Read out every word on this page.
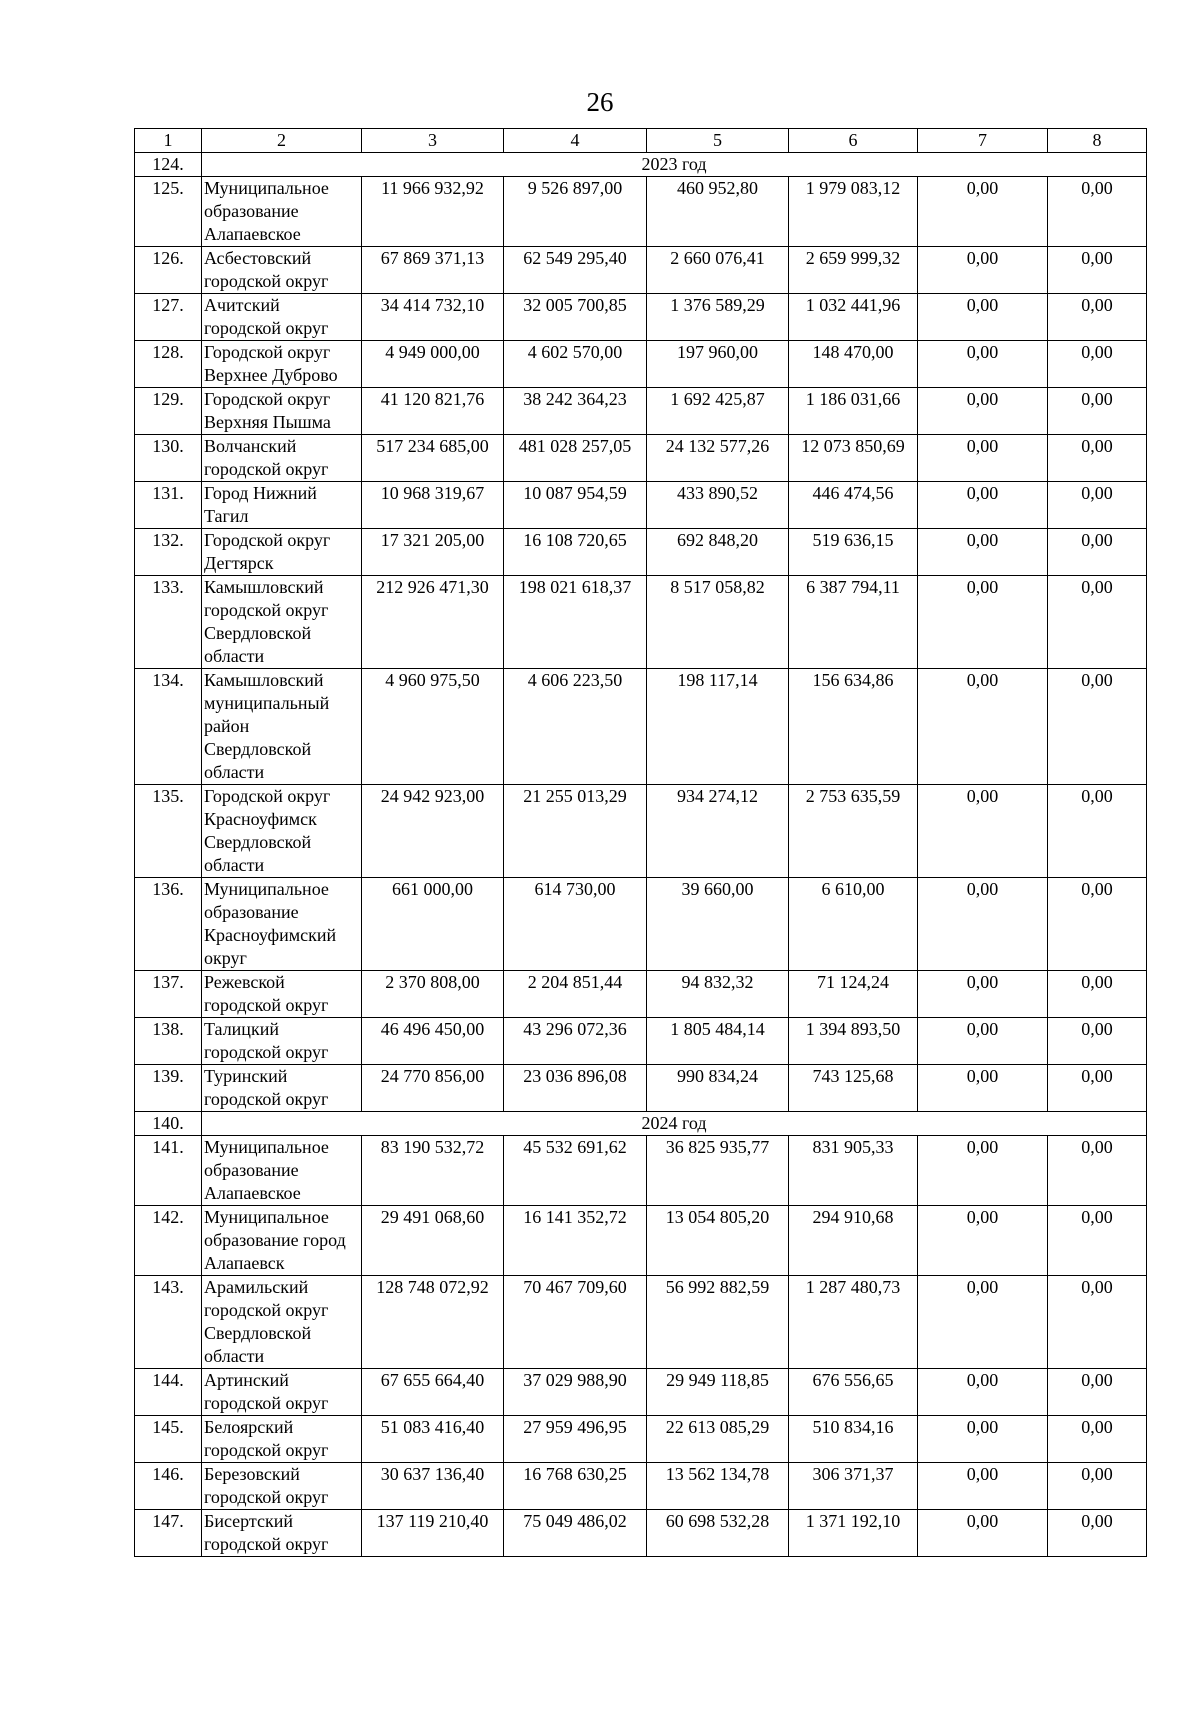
26
1	2	3	4	5	6	7	8
124.	2023 год						
125.	Муниципальное образование Алапаевское	11 966 932,92	9 526 897,00	460 952,80	1 979 083,12	0,00	0,00
126.	Асбестовский городской округ	67 869 371,13	62 549 295,40	2 660 076,41	2 659 999,32	0,00	0,00
127.	Ачитский городской округ	34 414 732,10	32 005 700,85	1 376 589,29	1 032 441,96	0,00	0,00
128.	Городской округ Верхнее Дуброво	4 949 000,00	4 602 570,00	197 960,00	148 470,00	0,00	0,00
129.	Городской округ Верхняя Пышма	41 120 821,76	38 242 364,23	1 692 425,87	1 186 031,66	0,00	0,00
130.	Волчанский городской округ	517 234 685,00	481 028 257,05	24 132 577,26	12 073 850,69	0,00	0,00
131.	Город Нижний Тагил	10 968 319,67	10 087 954,59	433 890,52	446 474,56	0,00	0,00
132.	Городской округ Дегтярск	17 321 205,00	16 108 720,65	692 848,20	519 636,15	0,00	0,00
133.	Камышловский городской округ Свердловской области	212 926 471,30	198 021 618,37	8 517 058,82	6 387 794,11	0,00	0,00
134.	Камышловский муниципальный район Свердловской области	4 960 975,50	4 606 223,50	198 117,14	156 634,86	0,00	0,00
135.	Городской округ Красноуфимск Свердловской области	24 942 923,00	21 255 013,29	934 274,12	2 753 635,59	0,00	0,00
136.	Муниципальное образование Красноуфимский округ	661 000,00	614 730,00	39 660,00	6 610,00	0,00	0,00
137.	Режевской городской округ	2 370 808,00	2 204 851,44	94 832,32	71 124,24	0,00	0,00
138.	Талицкий городской округ	46 496 450,00	43 296 072,36	1 805 484,14	1 394 893,50	0,00	0,00
139.	Туринский городской округ	24 770 856,00	23 036 896,08	990 834,24	743 125,68	0,00	0,00
140.	2024 год						
141.	Муниципальное образование Алапаевское	83 190 532,72	45 532 691,62	36 825 935,77	831 905,33	0,00	0,00
142.	Муниципальное образование город Алапаевск	29 491 068,60	16 141 352,72	13 054 805,20	294 910,68	0,00	0,00
143.	Арамильский городской округ Свердловской области	128 748 072,92	70 467 709,60	56 992 882,59	1 287 480,73	0,00	0,00
144.	Артинский городской округ	67 655 664,40	37 029 988,90	29 949 118,85	676 556,65	0,00	0,00
145.	Белоярский городской округ	51 083 416,40	27 959 496,95	22 613 085,29	510 834,16	0,00	0,00
146.	Березовский городской округ	30 637 136,40	16 768 630,25	13 562 134,78	306 371,37	0,00	0,00
147.	Бисертский городской округ	137 119 210,40	75 049 486,02	60 698 532,28	1 371 192,10	0,00	0,00
